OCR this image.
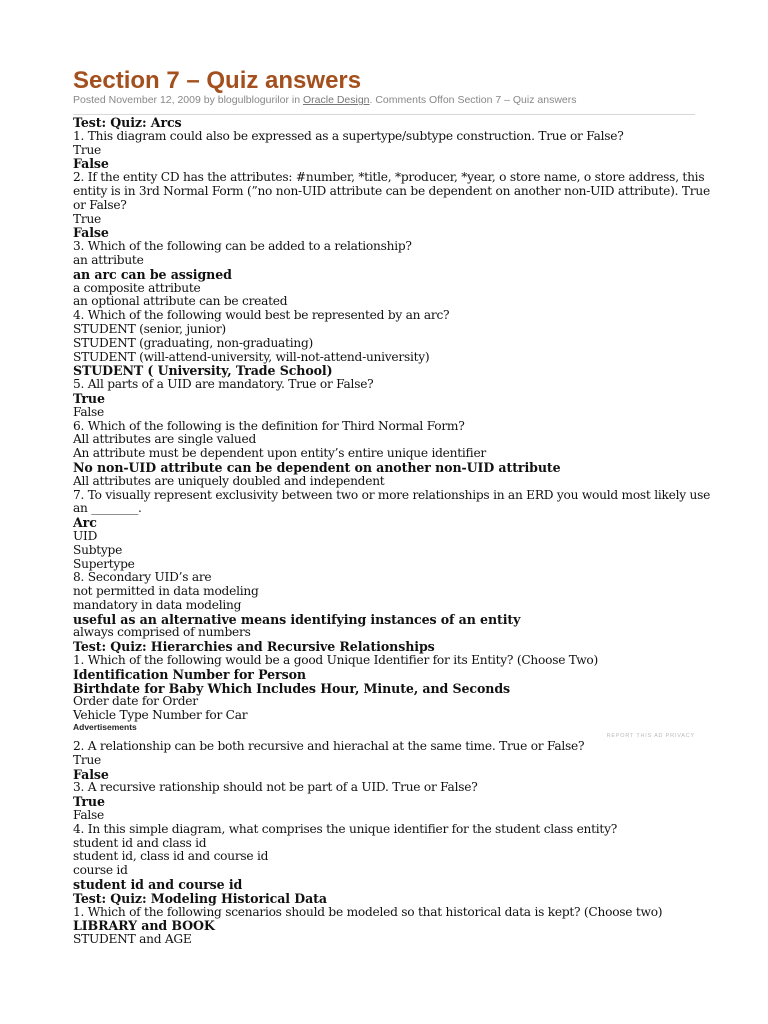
Section 7 – Quiz answers
Posted November 12, 2009 by blogulblogurilor in Oracle Design. Comments Offon Section 7 – Quiz answers
Test: Quiz: Arcs
1. This diagram could also be expressed as a supertype/subtype construction. True or False?
True
False
2. If the entity CD has the attributes: #number, *title, *producer, *year, o store name, o store address, this
entity is in 3rd Normal Form (”no non-UID attribute can be dependent on another non-UID attribute). True
or False?
True
False
3. Which of the following can be added to a relationship?
an attribute
an arc can be assigned
a composite attribute
an optional attribute can be created
4. Which of the following would best be represented by an arc?
STUDENT (senior, junior)
STUDENT (graduating, non-graduating)
STUDENT (will-attend-university, will-not-attend-university)
STUDENT ( University, Trade School)
5. All parts of a UID are mandatory. True or False?
True
False
6. Which of the following is the definition for Third Normal Form?
All attributes are single valued
An attribute must be dependent upon entity’s entire unique identifier
No non-UID attribute can be dependent on another non-UID attribute
All attributes are uniquely doubled and independent
7. To visually represent exclusivity between two or more relationships in an ERD you would most likely use
an ________.
Arc
UID
Subtype
Supertype
8. Secondary UID’s are
not permitted in data modeling
mandatory in data modeling
useful as an alternative means identifying instances of an entity
always comprised of numbers
Test: Quiz: Hierarchies and Recursive Relationships
1. Which of the following would be a good Unique Identifier for its Entity? (Choose Two)
Identification Number for Person
Birthdate for Baby Which Includes Hour, Minute, and Seconds
Order date for Order
Vehicle Type Number for Car
Advertisements
REPORT THIS AD PRIVACY
2. A relationship can be both recursive and hierachal at the same time. True or False?
True
False
3. A recursive rationship should not be part of a UID. True or False?
True
False
4. In this simple diagram, what comprises the unique identifier for the student class entity?
student id and class id
student id, class id and course id
course id
student id and course id
Test: Quiz: Modeling Historical Data
1. Which of the following scenarios should be modeled so that historical data is kept? (Choose two)
LIBRARY and BOOK
STUDENT and AGE
